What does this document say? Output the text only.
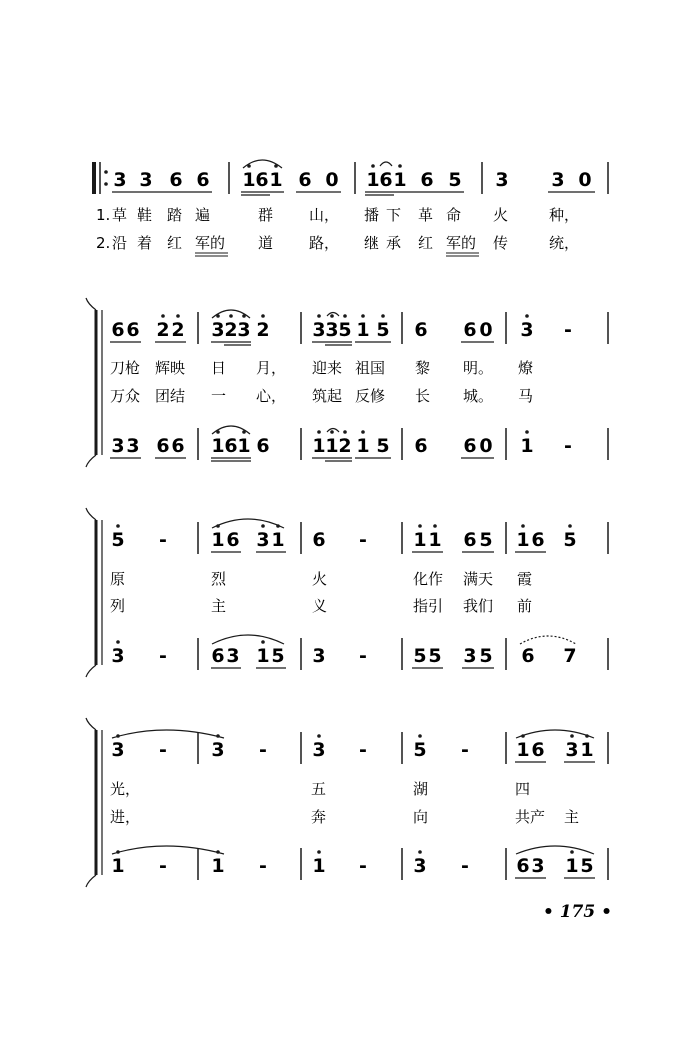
3 3 6 6 1 6 1 6 0 1 6 1 6 5 3 3 0
1. 草 鞋 踏 遍	群 山， 播 下 革 命 火	种，
2. 沿 着 红 军的 道 路， 继 承 红 军的 传	统，
6 6 2 2 3 2 3 2 3 3 5 1 5 6 6 0 3 -
刀枪 辉映 日 月， 迎来 祖国 黎 明。 燎
万众 团结 一 心， 筑起 反修 长 城。 马
3 3 6 6 1 6 1 6 1 1 2 1 5 6 6 0 1 -
5 - 1 6 3 1 6 - 1 1 6 5 1 6 5
原	烈	火	化作 满天 霞
列	主	义	指引 我们 前
3 - 6 3 1 5 3 - 5 5 3 5 6 7
3 - 3 - 3 - 5 - 1 6 3 1
光，	五	湖	四
进，	奔	向	共产 主
1 - 1 - 1 - 3 - 6 3 1 5
• 175 •
